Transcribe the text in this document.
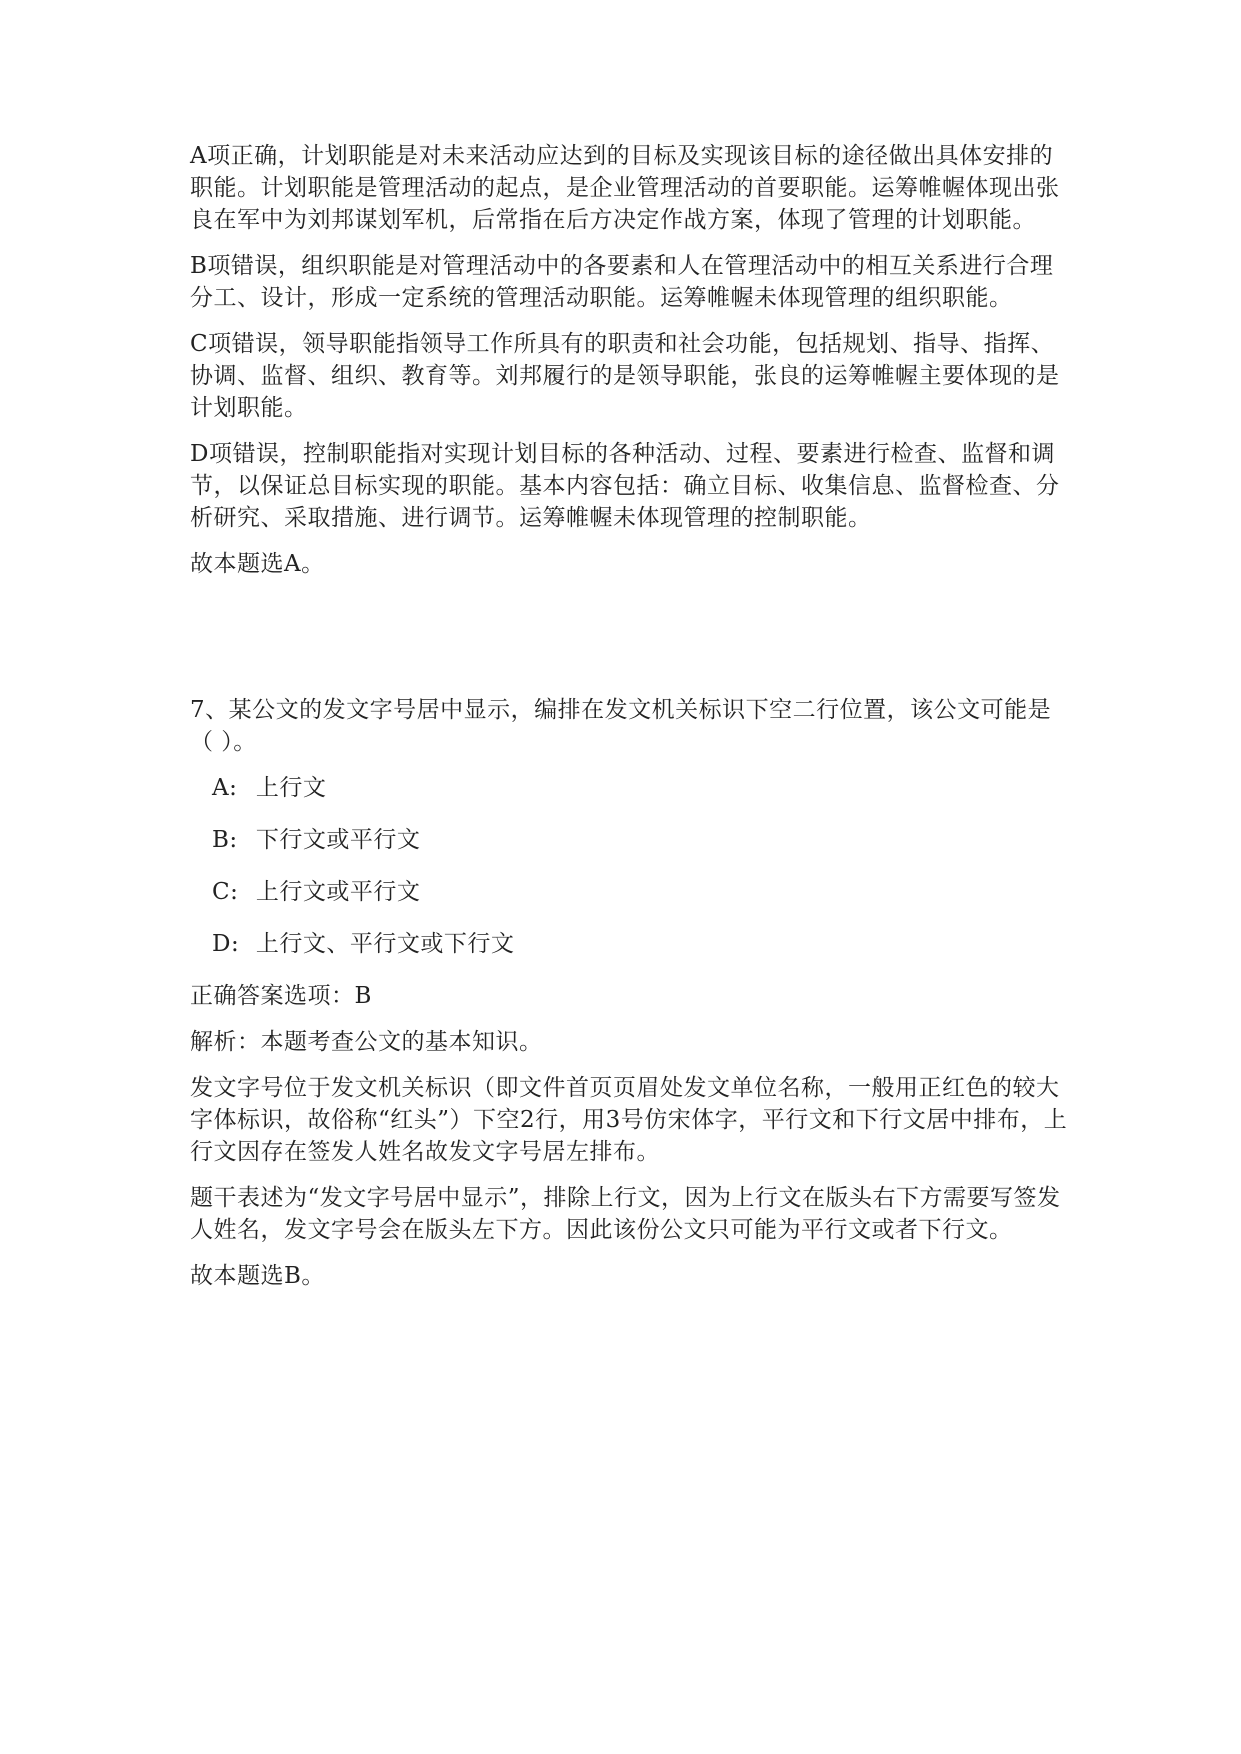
A项正确，计划职能是对未来活动应达到的目标及实现该目标的途径做出具体安排的职能。计划职能是管理活动的起点，是企业管理活动的首要职能。运筹帷幄体现出张良在军中为刘邦谋划军机，后常指在后方决定作战方案，体现了管理的计划职能。

B项错误，组织职能是对管理活动中的各要素和人在管理活动中的相互关系进行合理分工、设计，形成一定系统的管理活动职能。运筹帷幄未体现管理的组织职能。

C项错误，领导职能指领导工作所具有的职责和社会功能，包括规划、指导、指挥、协调、监督、组织、教育等。刘邦履行的是领导职能，张良的运筹帷幄主要体现的是计划职能。

D项错误，控制职能指对实现计划目标的各种活动、过程、要素进行检查、监督和调节，以保证总目标实现的职能。基本内容包括：确立目标、收集信息、监督检查、分析研究、采取措施、进行调节。运筹帷幄未体现管理的控制职能。

故本题选A。

7、某公文的发文字号居中显示，编排在发文机关标识下空二行位置，该公文可能是（ ）。

A: 上行文
B: 下行文或平行文
C: 上行文或平行文
D: 上行文、平行文或下行文

正确答案选项：B

解析：本题考查公文的基本知识。

发文字号位于发文机关标识（即文件首页页眉处发文单位名称，一般用正红色的较大字体标识，故俗称“红头”）下空2行，用3号仿宋体字，平行文和下行文居中排布，上行文因存在签发人姓名故发文字号居左排布。

题干表述为“发文字号居中显示”，排除上行文，因为上行文在版头右下方需要写签发人姓名，发文字号会在版头左下方。因此该份公文只可能为平行文或者下行文。

故本题选B。
